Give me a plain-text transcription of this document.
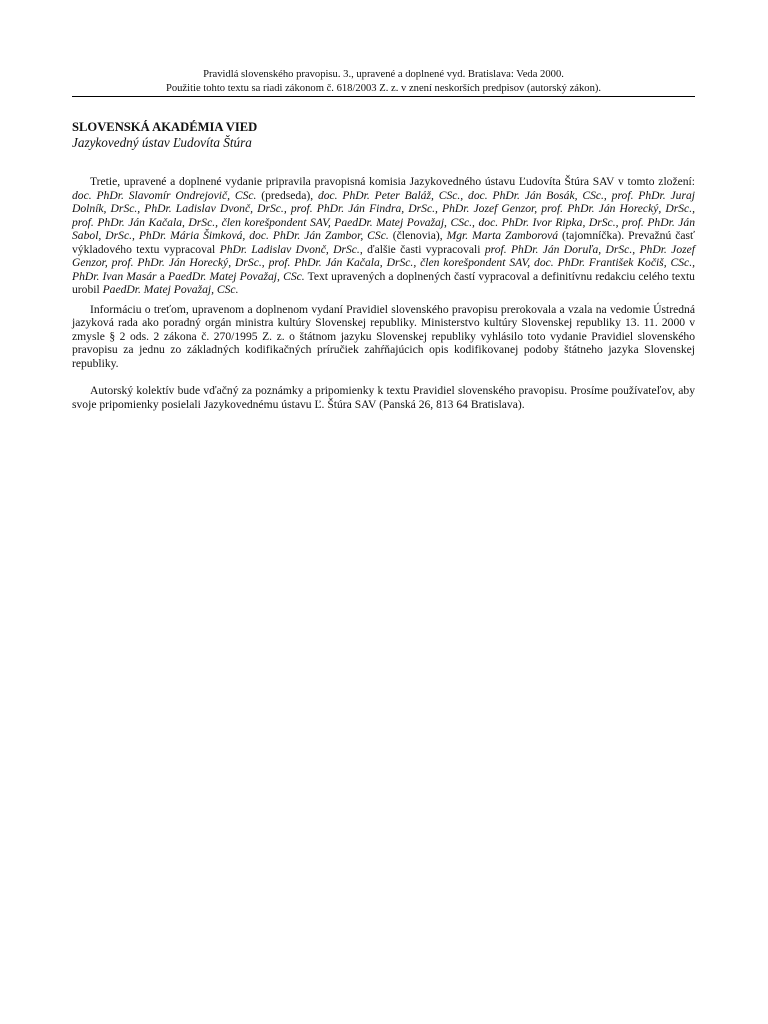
Pravidlá slovenského pravopisu. 3., upravené a doplnené vyd. Bratislava: Veda 2000.
Použitie tohto textu sa riadi zákonom č. 618/2003 Z. z. v znení neskorších predpisov (autorský zákon).
SLOVENSKÁ AKADÉMIA VIED
Jazykovedný ústav Ľudovíta Štúra

Tretie, upravené a doplnené vydanie pripravila pravopisná komisia Jazykovedného ústavu Ľudovíta Štúra SAV v tomto zložení: doc. PhDr. Slavomír Ondrejovič, CSc. (predseda), doc. PhDr. Peter Baláž, CSc., doc. PhDr. Ján Bosák, CSc., prof. PhDr. Juraj Dolník, DrSc., PhDr. Ladislav Dvonč, DrSc., prof. PhDr. Ján Findra, DrSc., PhDr. Jozef Genzor, prof. PhDr. Ján Horecký, DrSc., prof. PhDr. Ján Kačala, DrSc., člen korešpondent SAV, PaedDr. Matej Považaj, CSc., doc. PhDr. Ivor Ripka, DrSc., prof. PhDr. Ján Sabol, DrSc., PhDr. Mária Šimková, doc. PhDr. Ján Zambor, CSc. (členovia), Mgr. Marta Zamborová (tajomníčka). Prevažnú časť výkladového textu vypracoval PhDr. Ladislav Dvonč, DrSc., ďalšie časti vypracovali prof. PhDr. Ján Doruľa, DrSc., PhDr. Jozef Genzor, prof. PhDr. Ján Horecký, DrSc., prof. PhDr. Ján Kačala, DrSc., člen korešpondent SAV, doc. PhDr. František Kočiš, CSc., PhDr. Ivan Masár a PaedDr. Matej Považaj, CSc. Text upravených a doplnených častí vypracoval a definitívnu redakciu celého textu urobil PaedDr. Matej Považaj, CSc.

Informáciu o treťom, upravenom a doplnenom vydaní Pravidiel slovenského pravopisu prerokovala a vzala na vedomie Ústredná jazyková rada ako poradný orgán ministra kultúry Slovenskej republiky. Ministerstvo kultúry Slovenskej republiky 13. 11. 2000 v zmysle § 2 ods. 2 zákona č. 270/1995 Z. z. o štátnom jazyku Slovenskej republiky vyhlásilo toto vydanie Pravidiel slovenského pravopisu za jednu zo základných kodifikačných príručiek zahŕňajúcich opis kodifikovanej podoby štátneho jazyka Slovenskej republiky.

Autorský kolektív bude vďačný za poznámky a pripomienky k textu Pravidiel slovenského pravopisu. Prosíme používateľov, aby svoje pripomienky posielali Jazykovednému ústavu Ľ. Štúra SAV (Panská 26, 813 64 Bratislava).
